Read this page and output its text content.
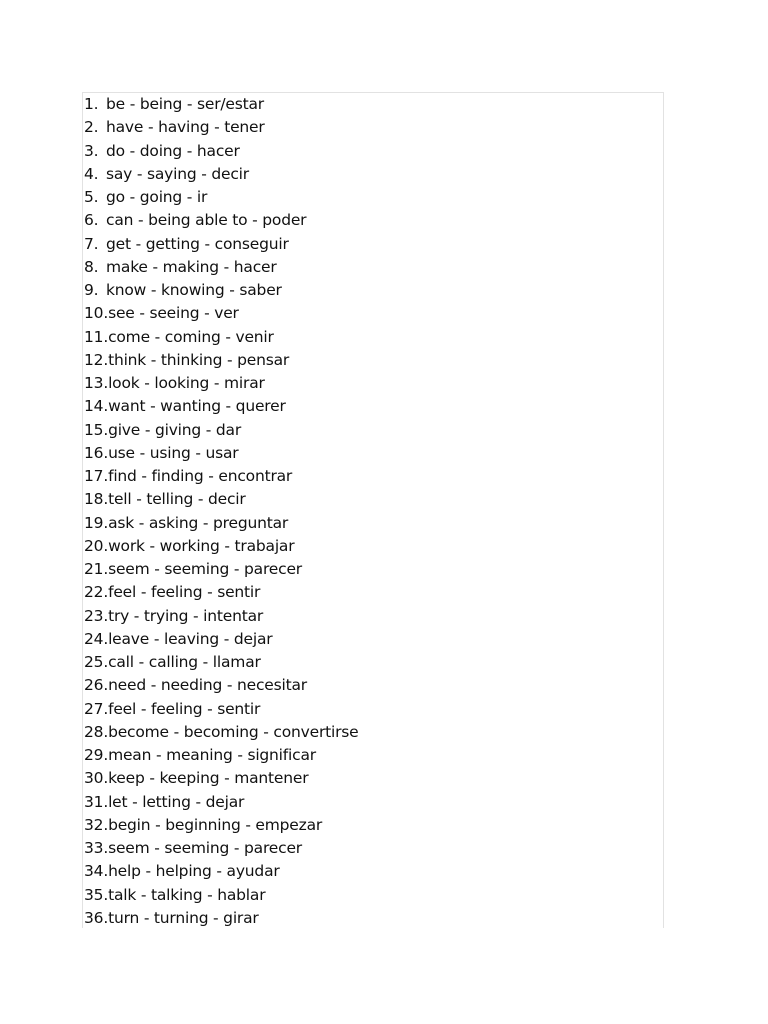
1. be - being - ser/estar
2. have - having - tener
3. do - doing - hacer
4. say - saying - decir
5. go - going - ir
6. can - being able to - poder
7. get - getting - conseguir
8. make - making - hacer
9. know - knowing - saber
10. see - seeing - ver
11. come - coming - venir
12. think - thinking - pensar
13. look - looking - mirar
14. want - wanting - querer
15. give - giving - dar
16. use - using - usar
17. find - finding - encontrar
18. tell - telling - decir
19. ask - asking - preguntar
20. work - working - trabajar
21. seem - seeming - parecer
22. feel - feeling - sentir
23. try - trying - intentar
24. leave - leaving - dejar
25. call - calling - llamar
26. need - needing - necesitar
27. feel - feeling - sentir
28. become - becoming - convertirse
29. mean - meaning - significar
30. keep - keeping - mantener
31. let - letting - dejar
32. begin - beginning - empezar
33. seem - seeming - parecer
34. help - helping - ayudar
35. talk - talking - hablar
36. turn - turning - girar
